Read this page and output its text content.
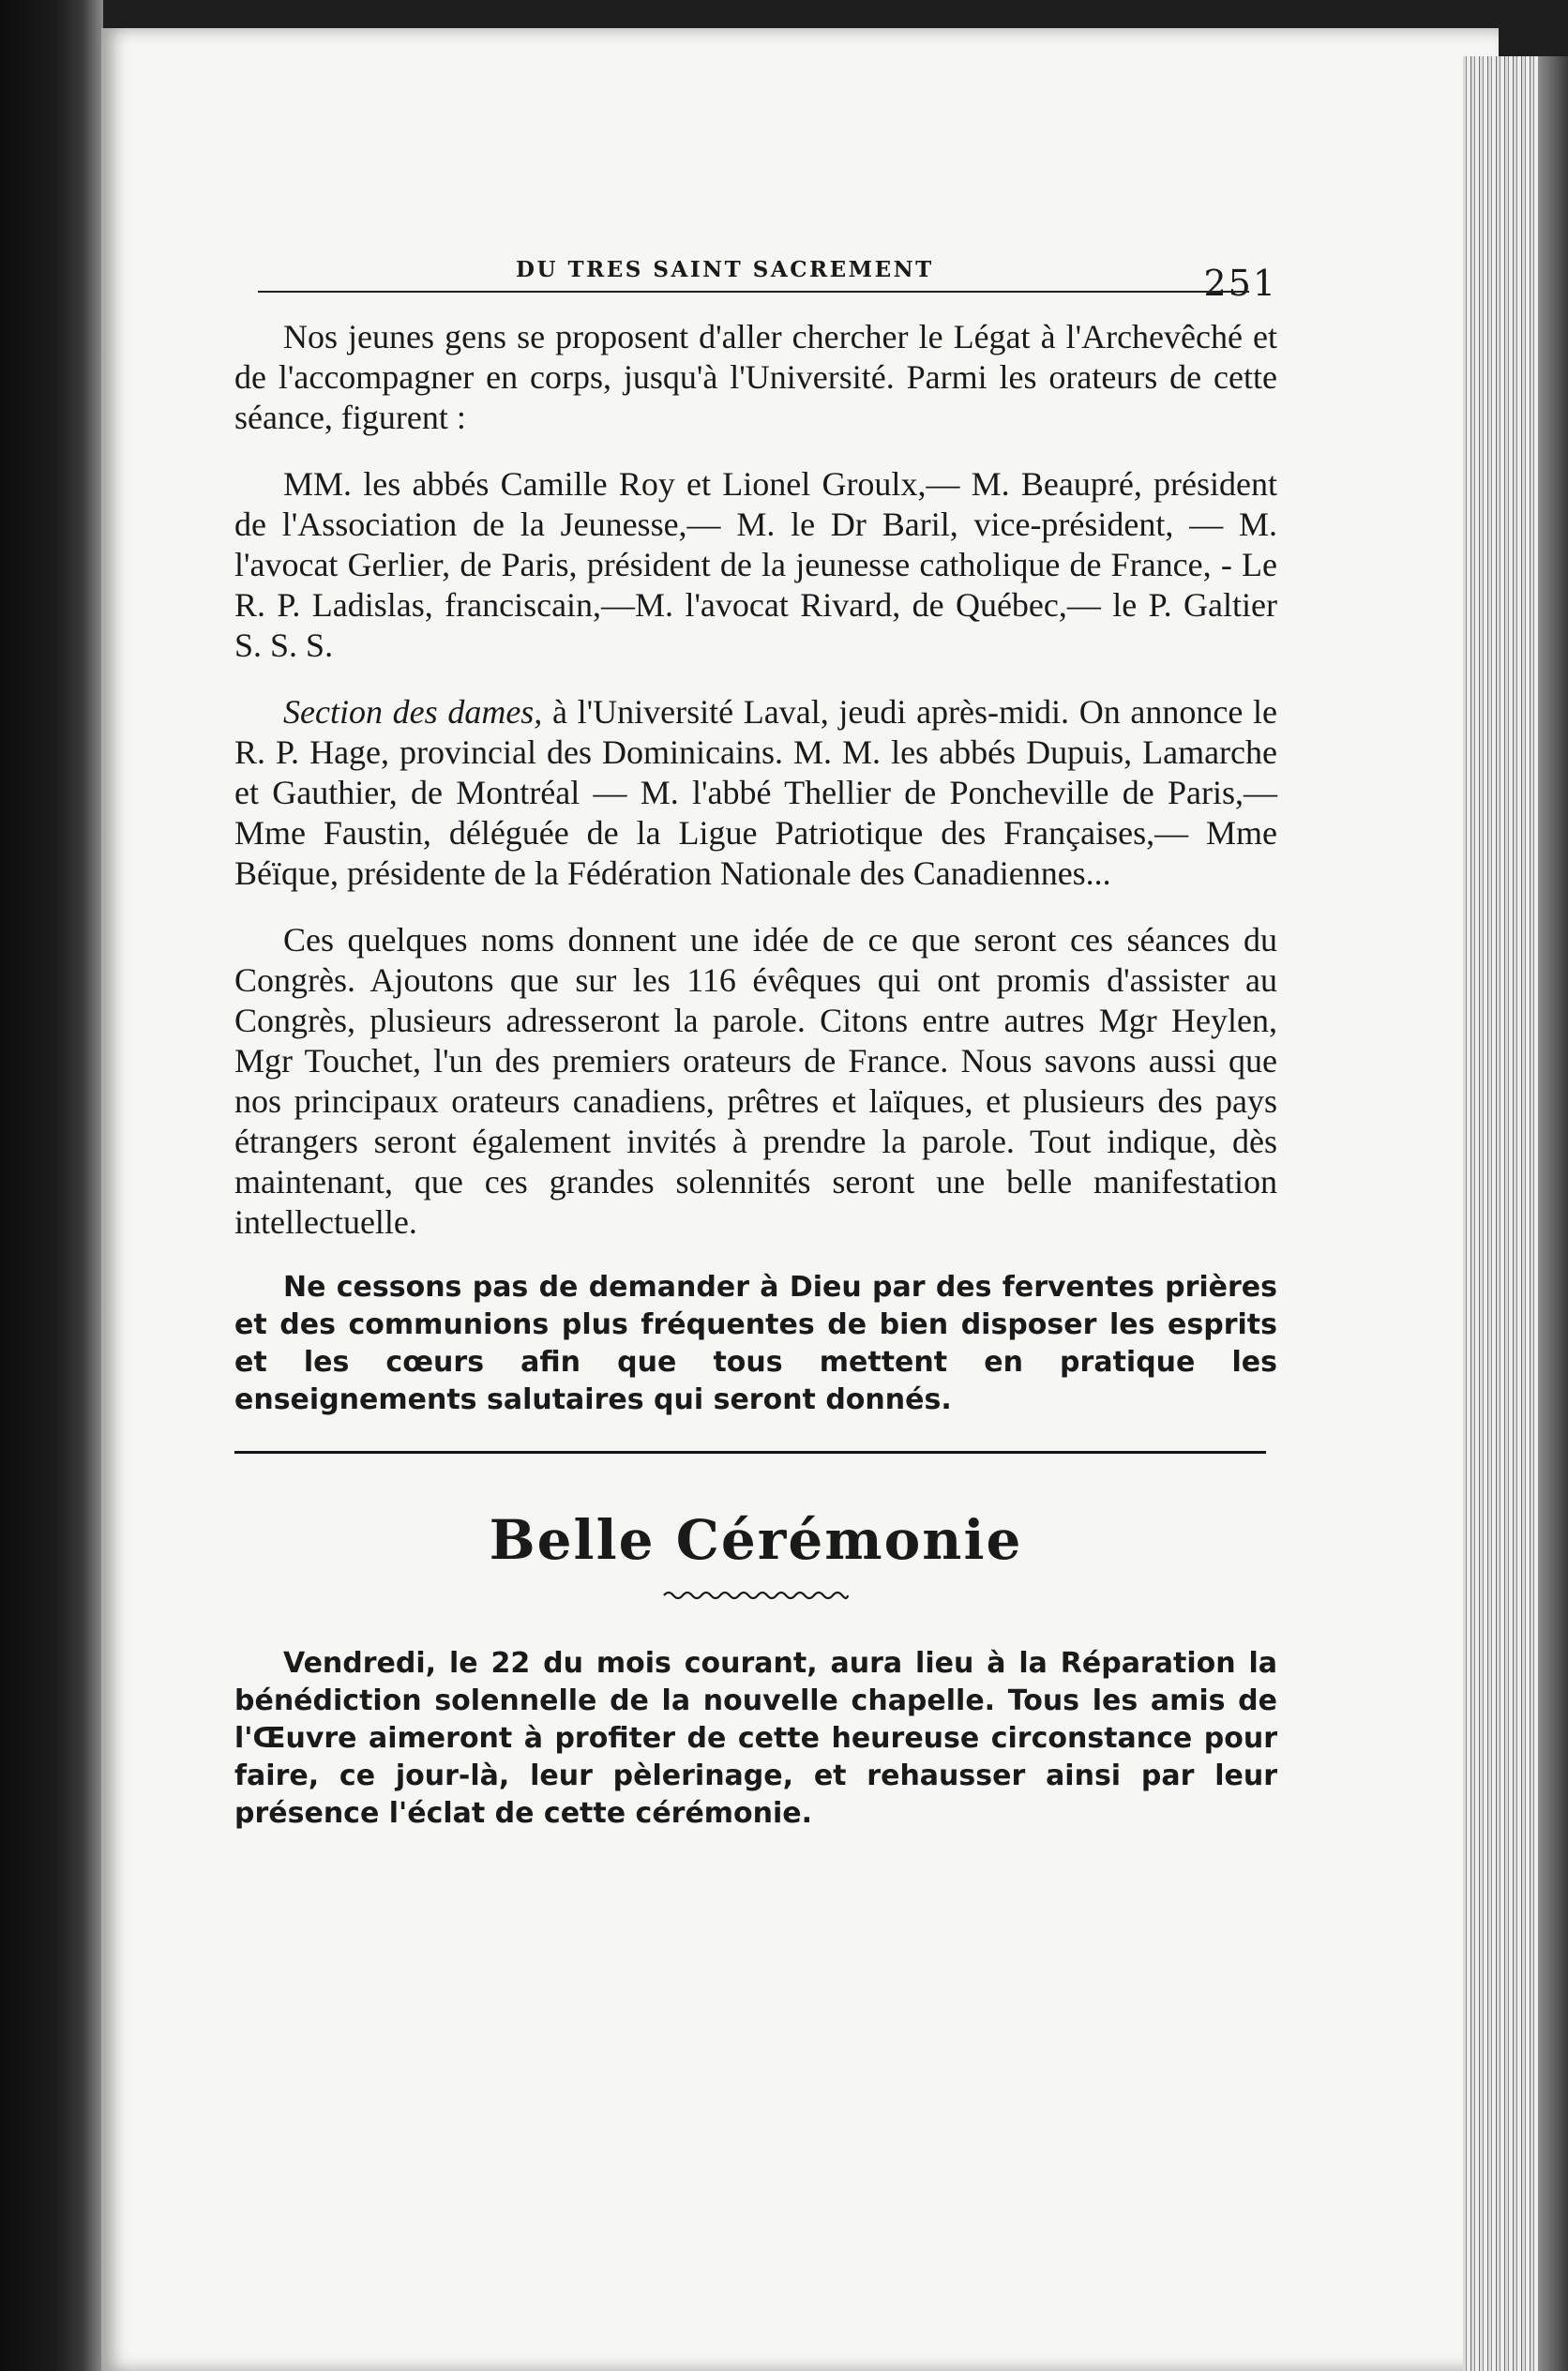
DU TRES SAINT SACREMENT	251

Nos jeunes gens se proposent d'aller chercher le Légat à l'Archevêché et de l'accompagner en corps, jusqu'à l'Université. Parmi les orateurs de cette séance, figurent :

MM. les abbés Camille Roy et Lionel Groulx,— M. Beaupré, président de l'Association de la Jeunesse,— M. le Dr Baril, vice-président, — M. l'avocat Gerlier, de Paris, président de la jeunesse catholique de France, - Le R. P. Ladislas, franciscain,—M. l'avocat Rivard, de Québec,— le P. Galtier S. S. S.

Section des dames, à l'Université Laval, jeudi après-midi. On annonce le R. P. Hage, provincial des Dominicains. M. M. les abbés Dupuis, Lamarche et Gauthier, de Montréal — M. l'abbé Thellier de Poncheville de Paris,— Mme Faustin, déléguée de la Ligue Patriotique des Françaises,— Mme Béïque, présidente de la Fédération Nationale des Canadiennes...

Ces quelques noms donnent une idée de ce que seront ces séances du Congrès. Ajoutons que sur les 116 évêques qui ont promis d'assister au Congrès, plusieurs adresseront la parole. Citons entre autres Mgr Heylen, Mgr Touchet, l'un des premiers orateurs de France. Nous savons aussi que nos principaux orateurs canadiens, prêtres et laïques, et plusieurs des pays étrangers seront également invités à prendre la parole. Tout indique, dès maintenant, que ces grandes solennités seront une belle manifestation intellectuelle.

Ne cessons pas de demander à Dieu par des ferventes prières et des communions plus fréquentes de bien disposer les esprits et les cœurs afin que tous mettent en pratique les enseignements salutaires qui seront donnés.

Belle Cérémonie

Vendredi, le 22 du mois courant, aura lieu à la Réparation la bénédiction solennelle de la nouvelle chapelle. Tous les amis de l'Œuvre aimeront à profiter de cette heureuse circonstance pour faire, ce jour-là, leur pèlerinage, et rehausser ainsi par leur présence l'éclat de cette cérémonie.
